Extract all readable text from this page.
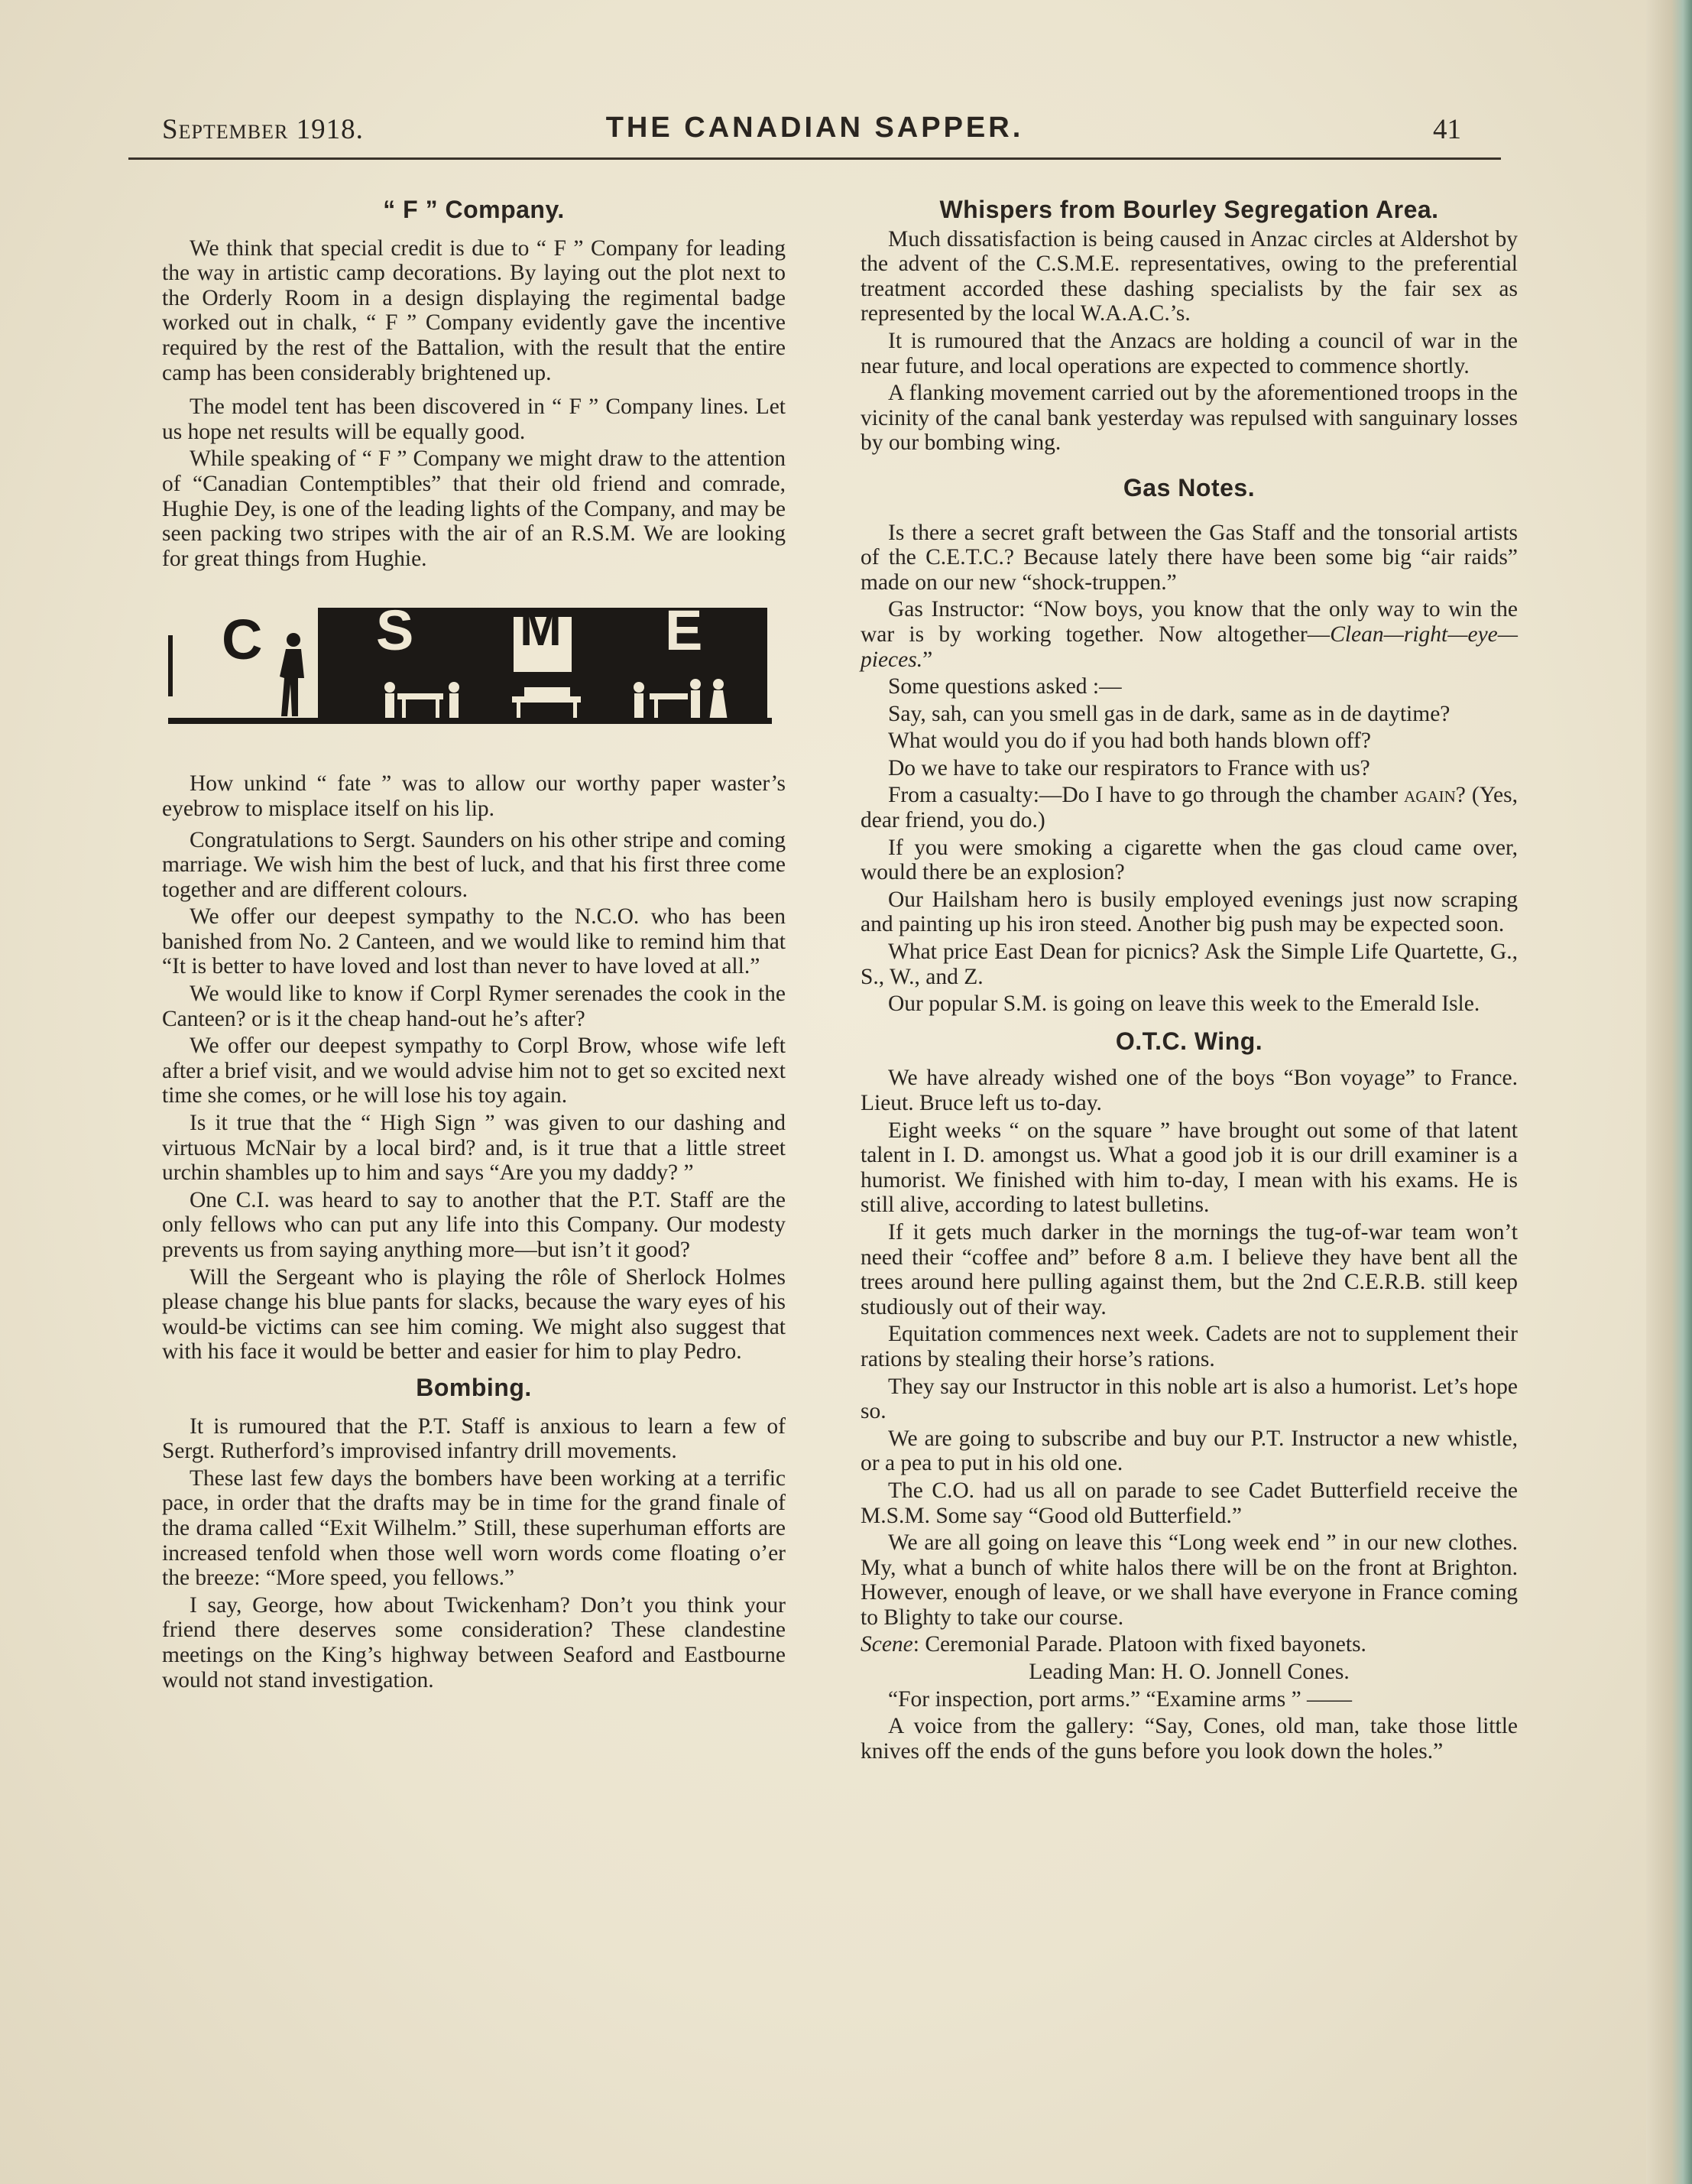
September 1918.	THE CANADIAN SAPPER.	41
“ F ” Company.

We think that special credit is due to “ F ” Company for leading the way in artistic camp decorations. By laying out the plot next to the Orderly Room in a design displaying the regimental badge worked out in chalk, “ F ” Company evidently gave the incentive required by the rest of the Battalion, with the result that the entire camp has been considerably brightened up.

The model tent has been discovered in “ F ” Company lines. Let us hope net results will be equally good.

While speaking of “ F ” Company we might draw to the attention of “Canadian Contemptibles” that their old friend and comrade, Hughie Dey, is one of the leading lights of the Company, and may be seen packing two stripes with the air of an R.S.M. We are looking for great things from Hughie.

C S M E

How unkind “ fate ” was to allow our worthy paper waster’s eyebrow to misplace itself on his lip.

Congratulations to Sergt. Saunders on his other stripe and coming marriage. We wish him the best of luck, and that his first three come together and are different colours.

We offer our deepest sympathy to the N.C.O. who has been banished from No. 2 Canteen, and we would like to remind him that “It is better to have loved and lost than never to have loved at all.”

We would like to know if Corpl Rymer serenades the cook in the Canteen? or is it the cheap hand-out he’s after?

We offer our deepest sympathy to Corpl Brow, whose wife left after a brief visit, and we would advise him not to get so excited next time she comes, or he will lose his toy again.

Is it true that the “ High Sign ” was given to our dashing and virtuous McNair by a local bird? and, is it true that a little street urchin shambles up to him and says “Are you my daddy? ”

One C.I. was heard to say to another that the P.T. Staff are the only fellows who can put any life into this Company. Our modesty prevents us from saying anything more—but isn’t it good?

Will the Sergeant who is playing the rôle of Sherlock Holmes please change his blue pants for slacks, because the wary eyes of his would-be victims can see him coming. We might also suggest that with his face it would be better and easier for him to play Pedro.

Bombing.

It is rumoured that the P.T. Staff is anxious to learn a few of Sergt. Rutherford’s improvised infantry drill movements.

These last few days the bombers have been working at a terrific pace, in order that the drafts may be in time for the grand finale of the drama called “Exit Wilhelm.” Still, these superhuman efforts are increased tenfold when those well worn words come floating o’er the breeze: “More speed, you fellows.”

I say, George, how about Twickenham? Don’t you think your friend there deserves some consideration? These clandestine meetings on the King’s highway between Seaford and Eastbourne would not stand investigation.

Whispers from Bourley Segregation Area.

Much dissatisfaction is being caused in Anzac circles at Aldershot by the advent of the C.S.M.E. representatives, owing to the preferential treatment accorded these dashing specialists by the fair sex as represented by the local W.A.A.C.’s.

It is rumoured that the Anzacs are holding a council of war in the near future, and local operations are expected to commence shortly.

A flanking movement carried out by the aforementioned troops in the vicinity of the canal bank yesterday was repulsed with sanguinary losses by our bombing wing.

Gas Notes.

Is there a secret graft between the Gas Staff and the tonsorial artists of the C.E.T.C.? Because lately there have been some big “air raids” made on our new “shock-truppen.”

Gas Instructor: “Now boys, you know that the only way to win the war is by working together. Now altogether—Clean—right—eye—pieces.”

Some questions asked :—

Say, sah, can you smell gas in de dark, same as in de daytime?

What would you do if you had both hands blown off?

Do we have to take our respirators to France with us?

From a casualty:—Do I have to go through the chamber again? (Yes, dear friend, you do.)

If you were smoking a cigarette when the gas cloud came over, would there be an explosion?

Our Hailsham hero is busily employed evenings just now scraping and painting up his iron steed. Another big push may be expected soon.

What price East Dean for picnics? Ask the Simple Life Quartette, G., S., W., and Z.

Our popular S.M. is going on leave this week to the Emerald Isle.

O.T.C. Wing.

We have already wished one of the boys “Bon voyage” to France. Lieut. Bruce left us to-day.

Eight weeks “ on the square ” have brought out some of that latent talent in I. D. amongst us. What a good job it is our drill examiner is a humorist. We finished with him to-day, I mean with his exams. He is still alive, according to latest bulletins.

If it gets much darker in the mornings the tug-of-war team won’t need their “coffee and” before 8 a.m. I believe they have bent all the trees around here pulling against them, but the 2nd C.E.R.B. still keep studiously out of their way.

Equitation commences next week. Cadets are not to supplement their rations by stealing their horse’s rations.

They say our Instructor in this noble art is also a humorist. Let’s hope so.

We are going to subscribe and buy our P.T. Instructor a new whistle, or a pea to put in his old one.

The C.O. had us all on parade to see Cadet Butterfield receive the M.S.M. Some say “Good old Butterfield.”

We are all going on leave this “Long week end ” in our new clothes. My, what a bunch of white halos there will be on the front at Brighton. However, enough of leave, or we shall have everyone in France coming to Blighty to take our course.

Scene: Ceremonial Parade. Platoon with fixed bayonets.

Leading Man: H. O. Jonnell Cones.

“For inspection, port arms.” “Examine arms ” ——

A voice from the gallery: “Say, Cones, old man, take those little knives off the ends of the guns before you look down the holes.”
